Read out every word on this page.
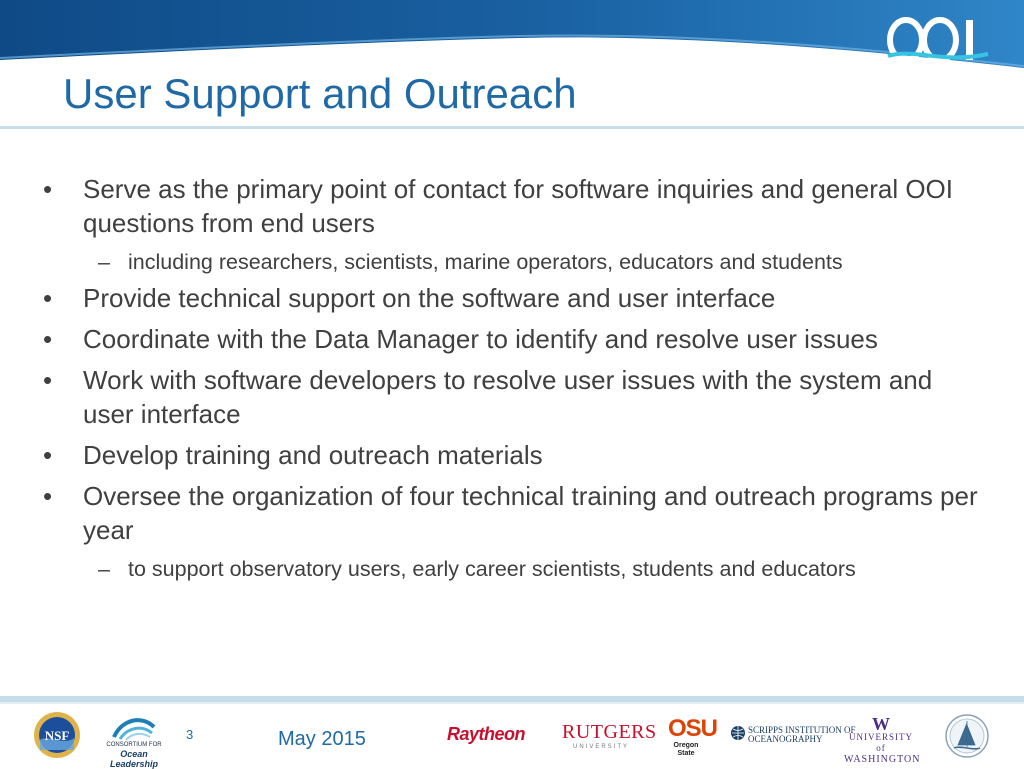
User Support and Outreach
• Serve as the primary point of contact for software inquiries and general OOI questions from end users
– including researchers, scientists, marine operators, educators and students
• Provide technical support on the software and user interface
• Coordinate with the Data Manager to identify and resolve user issues
• Work with software developers to resolve user issues with the system and user interface
• Develop training and outreach materials
• Oversee the organization of four technical training and outreach programs per year
– to support observatory users, early career scientists, students and educators
NSF
CONSORTIUM FOR
Ocean Leadership
3	May 2015	Raytheon RUTGERS
UNIVERSITY
OSU
Oregon State
SCRIPPS INSTITUTION OF
OCEANOGRAPHY
W
UNIVERSITY of
WASHINGTON
